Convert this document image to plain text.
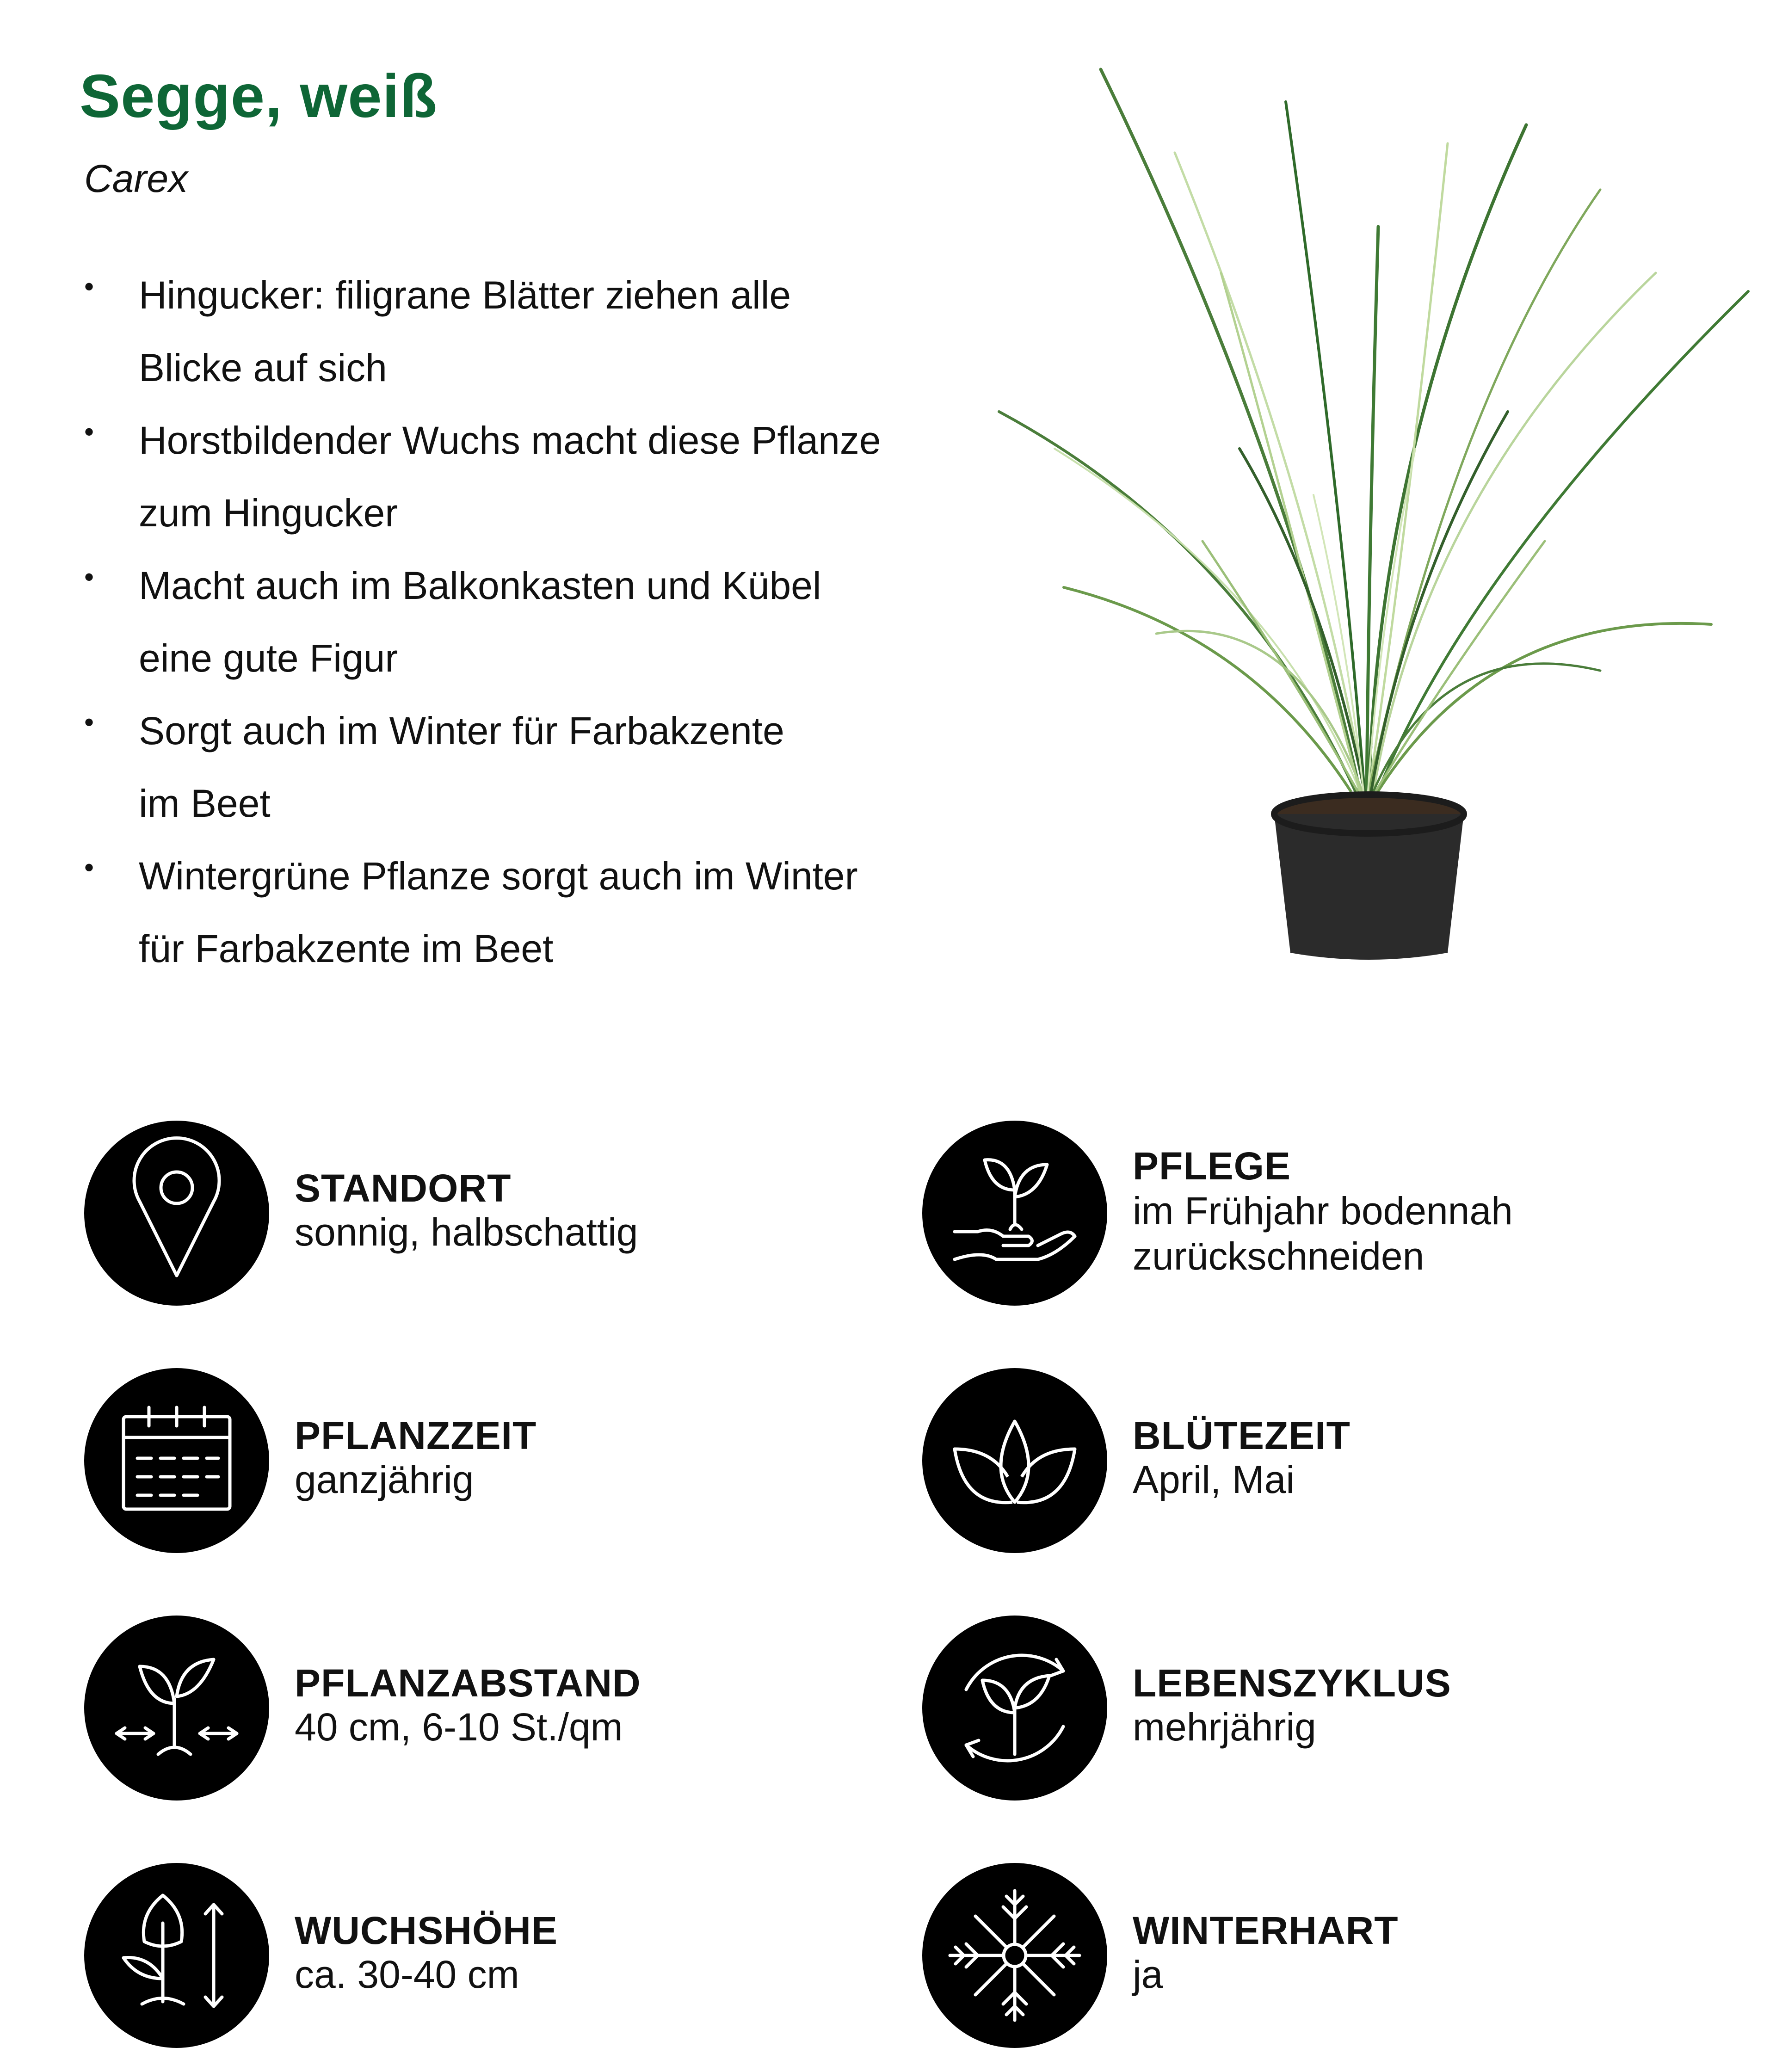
Segge, weiß

Carex

• Hingucker: filigrane Blätter ziehen alle
Blicke auf sich
• Horstbildender Wuchs macht diese Pflanze
zum Hingucker
• Macht auch im Balkonkasten und Kübel
eine gute Figur
• Sorgt auch im Winter für Farbakzente
im Beet
• Wintergrüne Pflanze sorgt auch im Winter
für Farbakzente im Beet

STANDORT

sonnig, halbschattig

PFLEGE

im Frühjahr bodennah

zurückschneiden

PFLANZZEIT

ganzjährig

BLÜTEZEIT

April, Mai

PFLANZABSTAND

40 cm, 6-10 St./qm

LEBENSZYKLUS

mehrjährig

WUCHSHÖHE

ca. 30-40 cm

WINTERHART

ja
